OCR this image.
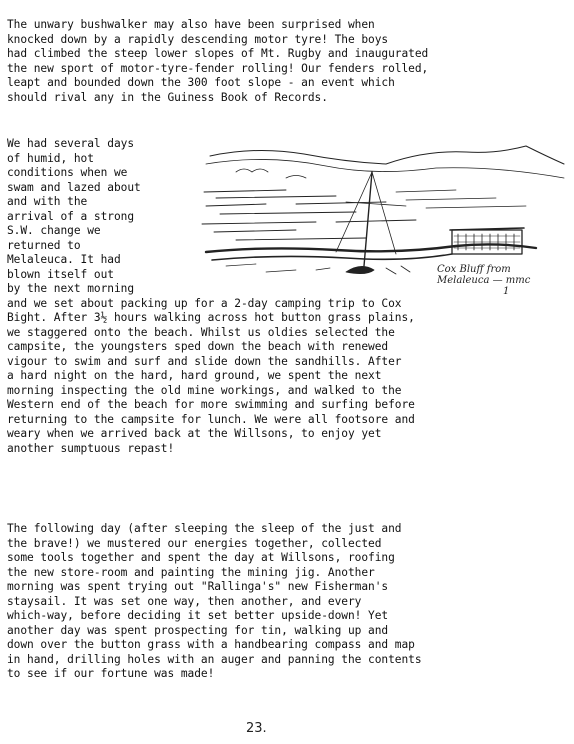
The unwary bushwalker may also have been surprised when
knocked down by a rapidly descending motor tyre! The boys
had climbed the steep lower slopes of Mt. Rugby and inaugurated
the new sport of motor-tyre-fender rolling! Our fenders rolled,
leapt and bounded down the 300 foot slope - an event which
should rival any in the Guiness Book of Records.
We had several days
of humid, hot
conditions when we
swam and lazed about
and with the
arrival of a strong
S.W. change we
returned to
Melaleuca. It had
blown itself out
by the next morning
and we set about packing up for a 2-day camping trip to Cox
Bight. After 3½ hours walking across hot button grass plains,
we staggered onto the beach. Whilst us oldies selected the
campsite, the youngsters sped down the beach with renewed
vigour to swim and surf and slide down the sandhills. After
a hard night on the hard, hard ground, we spent the next
morning inspecting the old mine workings, and walked to the
Western end of the beach for more swimming and surfing before
returning to the campsite for lunch. We were all footsore and
weary when we arrived back at the Willsons, to enjoy yet
another sumptuous repast!
The following day (after sleeping the sleep of the just and
the brave!) we mustered our energies together, collected
some tools together and spent the day at Willsons, roofing
the new store-room and painting the mining jig. Another
morning was spent trying out "Rallinga's" new Fisherman's
staysail. It was set one way, then another, and every
which-way, before deciding it set better upside-down! Yet
another day was spent prospecting for tin, walking up and
down over the button grass with a handbearing compass and map
in hand, drilling holes with an auger and panning the contents
to see if our fortune was made!
Cox Bluff from
Melaleuca — mmc
1
23.
